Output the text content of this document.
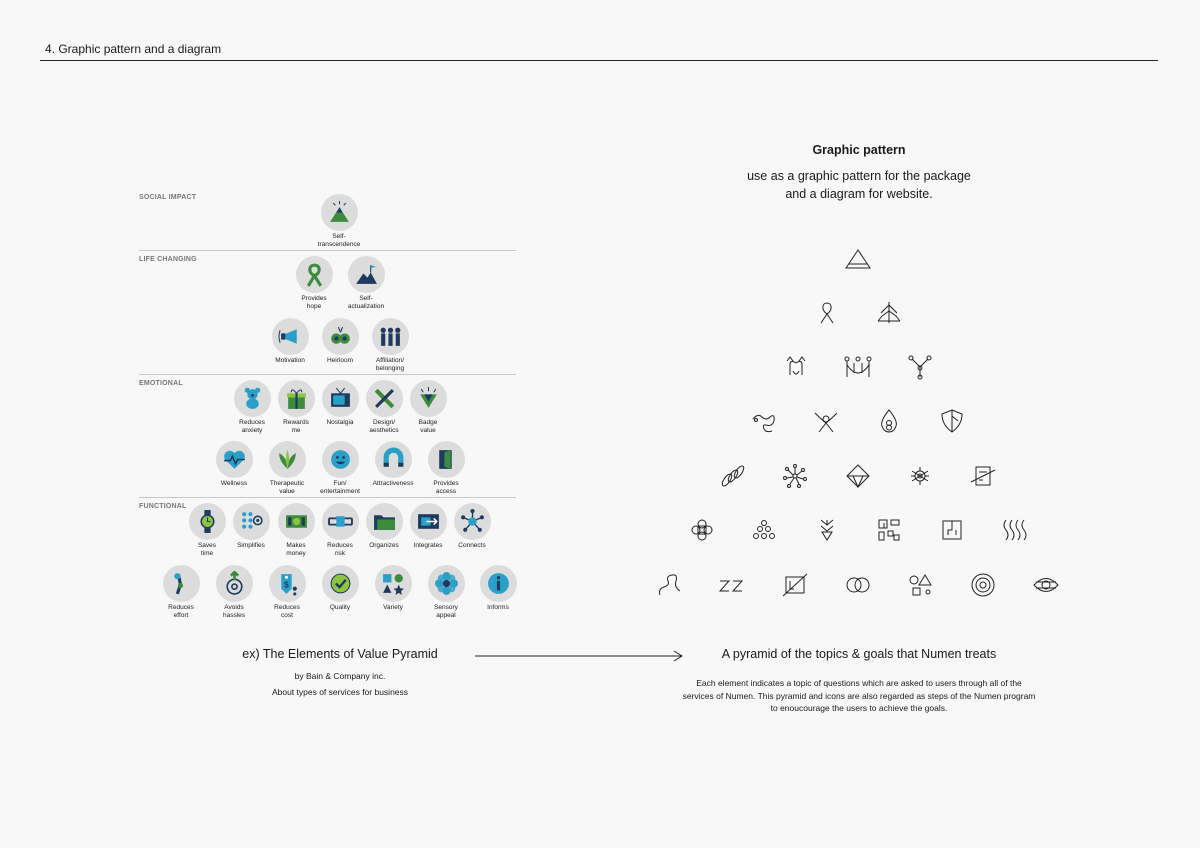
4. Graphic pattern and a diagram
SOCIAL IMPACT
LIFE CHANGING
EMOTIONAL
FUNCTIONAL
Self-
transcendence
Provides
hope
Self-
actualization
Motivation	Heirloom	Affiliation/
belonging
Reduces
anxiety
Rewards
me
Nostalgia	Design/
aesthetics
Badge
value
Wellness	Therapeutic
value
Fun/
entertainment
Attractiveness	Provides
access
Saves
time
Simplifies	Makes
money
Reduces
risk
Organizes	Integrates	Connects
Reduces
effort
Avoids
hassles
$
Reduces
cost
Quality	Variety	Sensory
appeal
Informs
ex) The Elements of Value Pyramid
by Bain & Company inc.
About types of services for business
Graphic pattern
use as a graphic pattern for the package
and a diagram for website.
A pyramid of the topics & goals that Numen treats
Each element indicates a topic of questions which are asked to users through all of the services of Numen. This pyramid and icons are also regarded as steps of the Numen program to enoucourage the users to achieve the goals.
